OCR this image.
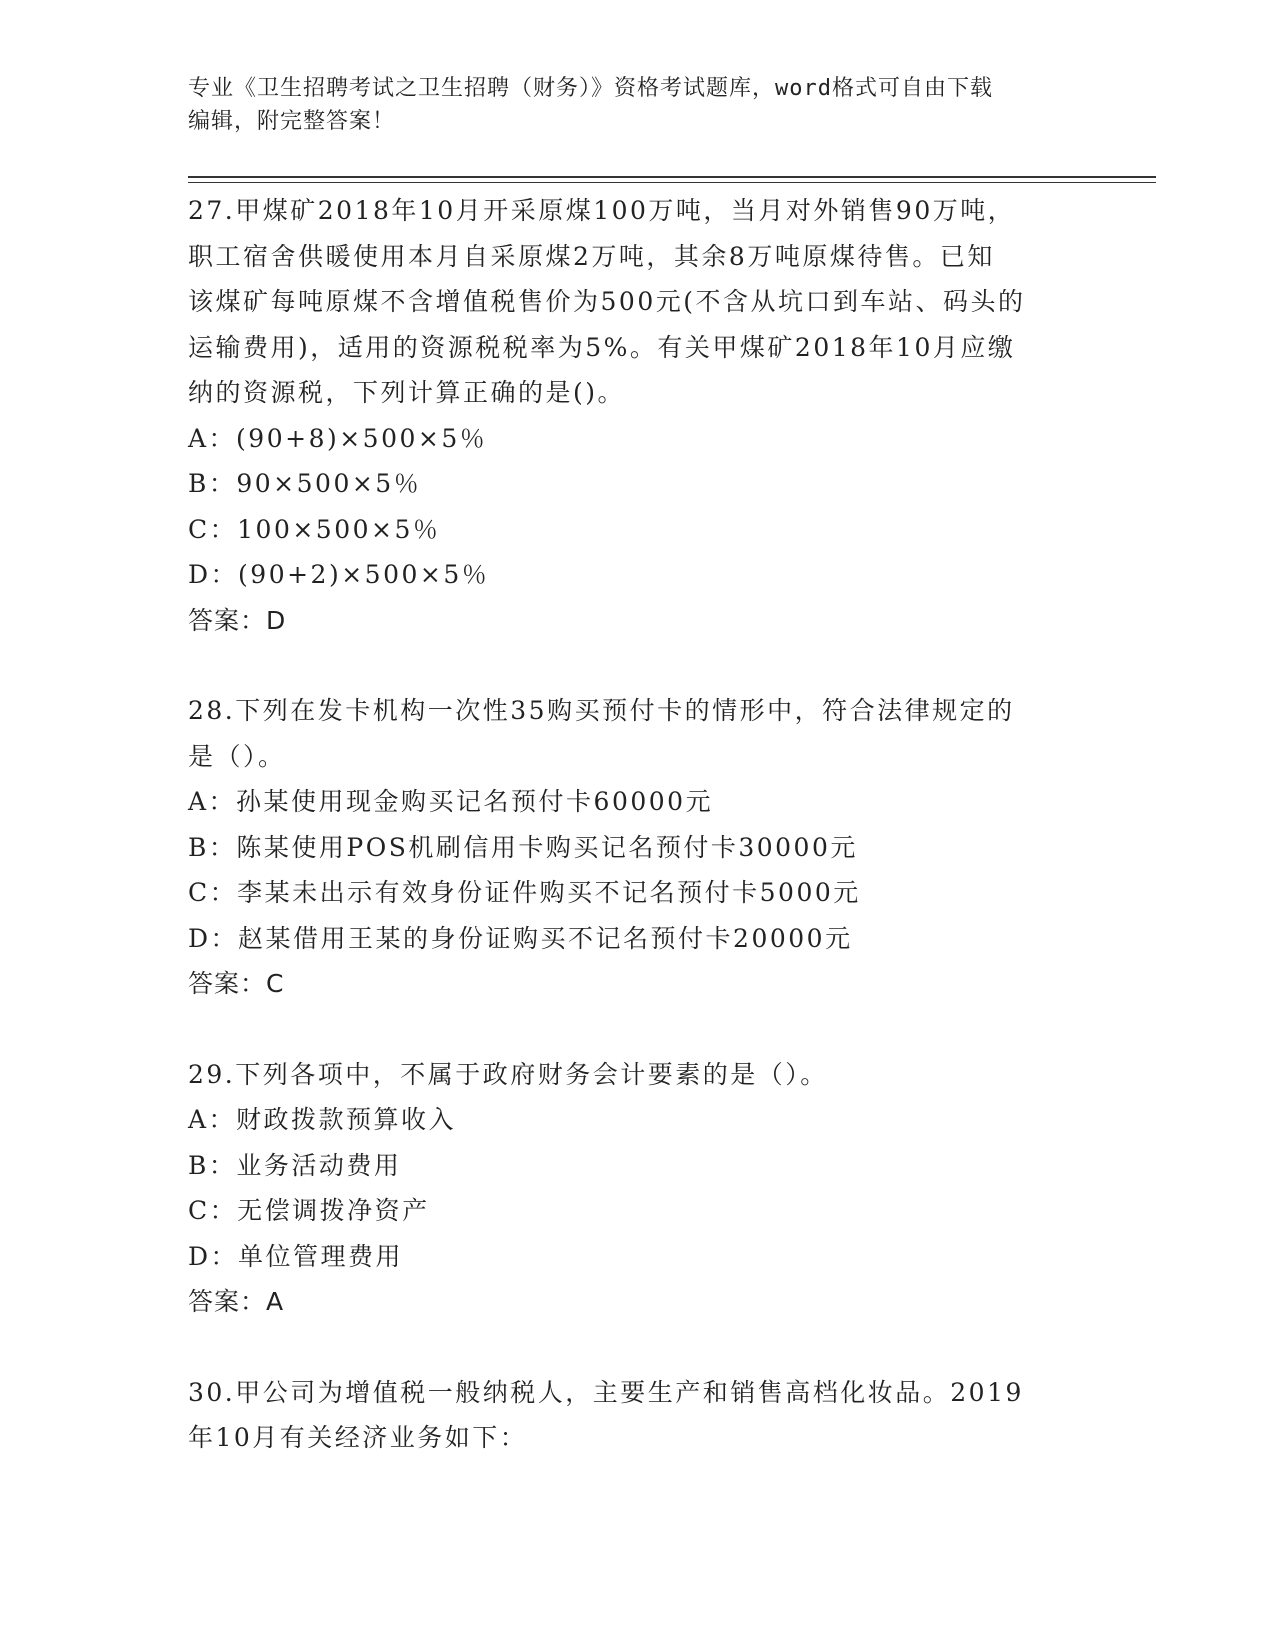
专业《卫生招聘考试之卫生招聘（财务）》资格考试题库，word格式可自由下载
编辑，附完整答案！
27.甲煤矿2018年10月开采原煤100万吨，当月对外销售90万吨，
职工宿舍供暖使用本月自采原煤2万吨，其余8万吨原煤待售。已知
该煤矿每吨原煤不含增值税售价为500元(不含从坑口到车站、码头的
运输费用)，适用的资源税税率为5%。有关甲煤矿2018年10月应缴
纳的资源税，下列计算正确的是()。
A：(90+8)×500×5％
B：90×500×5％
C：100×500×5％
D：(90+2)×500×5％
答案：D
28.下列在发卡机构一次性35购买预付卡的情形中，符合法律规定的
是（）。
A：孙某使用现金购买记名预付卡60000元
B：陈某使用POS机刷信用卡购买记名预付卡30000元
C：李某未出示有效身份证件购买不记名预付卡5000元
D：赵某借用王某的身份证购买不记名预付卡20000元
答案：C
29.下列各项中，不属于政府财务会计要素的是（）。
A：财政拨款预算收入
B：业务活动费用
C：无偿调拨净资产
D：单位管理费用
答案：A
30.甲公司为增值税一般纳税人，主要生产和销售高档化妆品。2019
年10月有关经济业务如下：
